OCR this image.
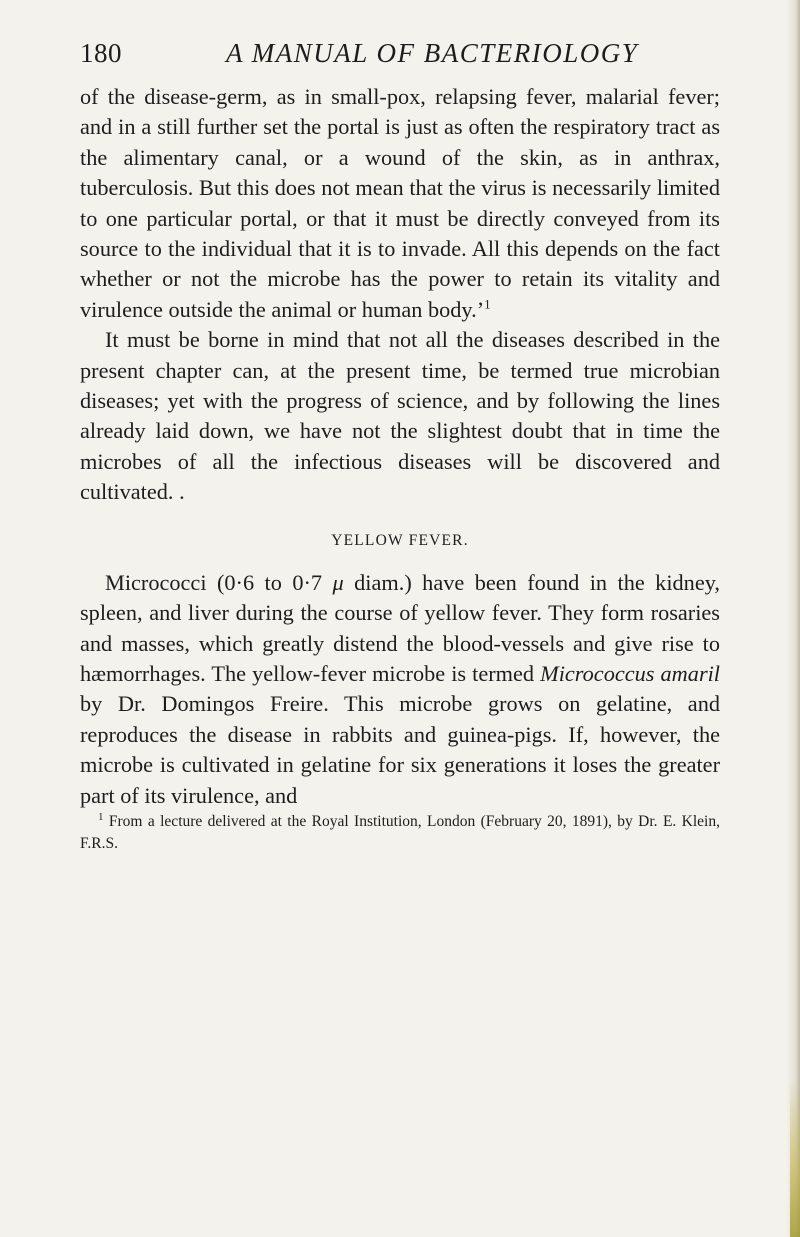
180	A MANUAL OF BACTERIOLOGY

of the disease-germ, as in small-pox, relapsing fever, malarial fever; and in a still further set the portal is just as often the respiratory tract as the alimentary canal, or a wound of the skin, as in anthrax, tuberculosis. But this does not mean that the virus is necessarily limited to one particular portal, or that it must be directly conveyed from its source to the individual that it is to invade. All this depends on the fact whether or not the microbe has the power to retain its vitality and virulence outside the animal or human body.’$^1$

It must be borne in mind that not all the diseases described in the present chapter can, at the present time, be termed true microbian diseases; yet with the progress of science, and by following the lines already laid down, we have not the slightest doubt that in time the microbes of all the infectious diseases will be discovered and cultivated. .

YELLOW FEVER.

Micrococci (0·6 to 0·7 μ diam.) have been found in the kidney, spleen, and liver during the course of yellow fever. They form rosaries and masses, which greatly distend the blood-vessels and give rise to hæmorrhages. The yellow-fever microbe is termed Micrococcus amaril by Dr. Domingos Freire. This microbe grows on gelatine, and reproduces the disease in rabbits and guinea-pigs. If, however, the microbe is cultivated in gelatine for six generations it loses the greater part of its virulence, and

$^1$ From a lecture delivered at the Royal Institution, London (February 20, 1891), by Dr. E. Klein, F.R.S.
